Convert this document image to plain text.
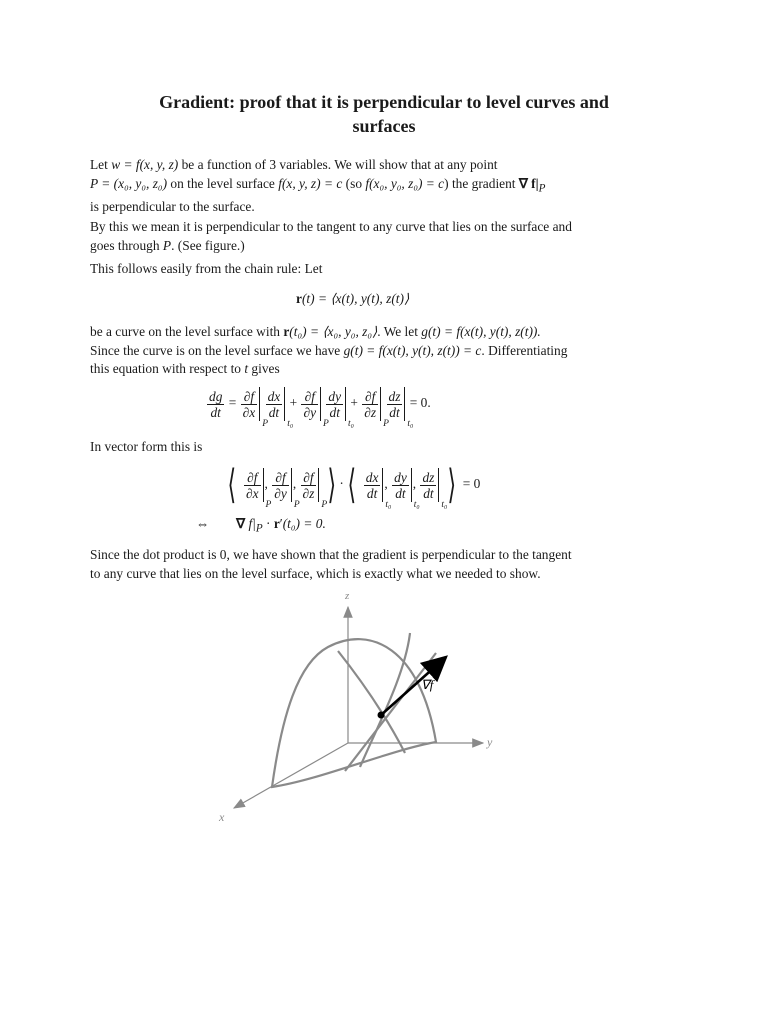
Gradient: proof that it is perpendicular to level curves and
surfaces
Let w = f(x, y, z) be a function of 3 variables. We will show that at any point
P = (x₀, y₀, z₀) on the level surface f(x, y, z) = c (so f(x₀, y₀, z₀) = c) the gradient ∇ $f|_P$
is perpendicular to the surface.
By this we mean it is perpendicular to the tangent to any curve that lies on the surface and
goes through P. (See figure.)
This follows easily from the chain rule: Let
r(t) = ⟨x(t), y(t), z(t)⟩
be a curve on the level surface with r(t₀) = ⟨x₀, y₀, z₀⟩. We let g(t) = f(x(t), y(t), z(t)).
Since the curve is on the level surface we have g(t) = f(x(t), y(t), z(t)) = c. Differentiating
this equation with respect to t gives
$\frac{dg}{dt} = \frac{\partial f}{\partial x}$
P

$\frac{dx}{dt}$
t₀
+ $\frac{\partial f}{\partial y}$
P

$\frac{dy}{dt}$
t₀
+ $\frac{\partial f}{\partial z}$
P

$\frac{dz}{dt}$
t₀
= 0.
In vector form this is
⟨ $\frac{\partial f}{\partial x}$
P
, $\frac{\partial f}{\partial y}$
P
, $\frac{\partial f}{\partial z}$
P ⟩ ·⟨ $\frac{dx}{dt}$
t₀
, $\frac{dy}{dt}$
t₀
, $\frac{dz}{dt}$
t₀ ⟩ = 0
⇔ ∇ $f|_P \cdot r'(t_0) = 0$.
Since the dot product is 0, we have shown that the gradient is perpendicular to the tangent
to any curve that lies on the level surface, which is exactly what we needed to show.
z
y
x
∇f
